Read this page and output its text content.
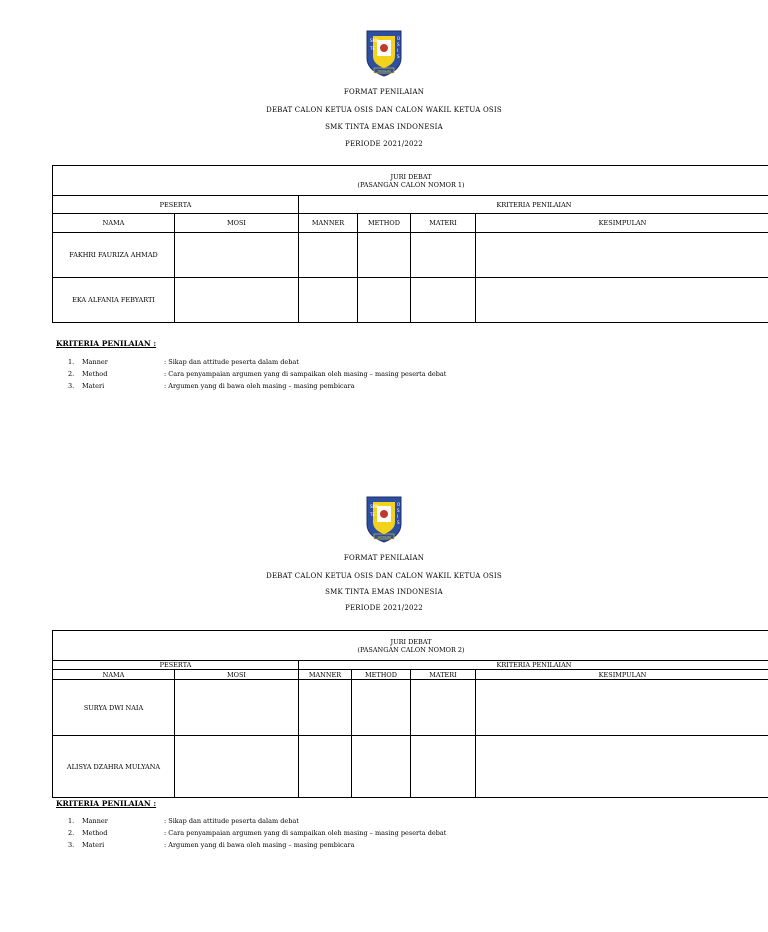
SMK
TE
O
S
I
S
YAYASAN
FORMAT PENILAIAN
DEBAT CALON KETUA OSIS DAN CALON WAKIL KETUA OSIS
SMK TINTA EMAS INDONESIA
PERIODE 2021/2022
JURI DEBAT
(PASANGAN CALON NOMOR 1)					

PESERTA		KRITERIA PENILAIAN			
NAMA	MOSI	MANNER	METHOD	MATERI	KESIMPULAN
FAKHRI FAURIZA AHMAD					
EKA ALFANIA FEBYARTI					
KRITERIA PENILAIAN :
1. Manner	: Sikap dan attitude peserta dalam debat
2. Method	: Cara penyampaian argumen yang di sampaikan oleh masing – masing peserta debat
3. Materi	: Argumen yang di bawa oleh masing – masing pembicara
SMK
TE
O
S
I
S
YAYASAN
FORMAT PENILAIAN
DEBAT CALON KETUA OSIS DAN CALON WAKIL KETUA OSIS
SMK TINTA EMAS INDONESIA
PERIODE 2021/2022
JURI DEBAT
(PASANGAN CALON NOMOR 2)					

PESERTA		KRITERIA PENILAIAN			
NAMA	MOSI	MANNER	METHOD	MATERI	KESIMPULAN
SURYA DWI NAIA					
ALISYA DZAHRA MULYANA					
KRITERIA PENILAIAN :
1. Manner	: Sikap dan attitude peserta dalam debat
2. Method	: Cara penyampaian argumen yang di sampaikan oleh masing – masing peserta debat
3. Materi	: Argumen yang di bawa oleh masing – masing pembicara
